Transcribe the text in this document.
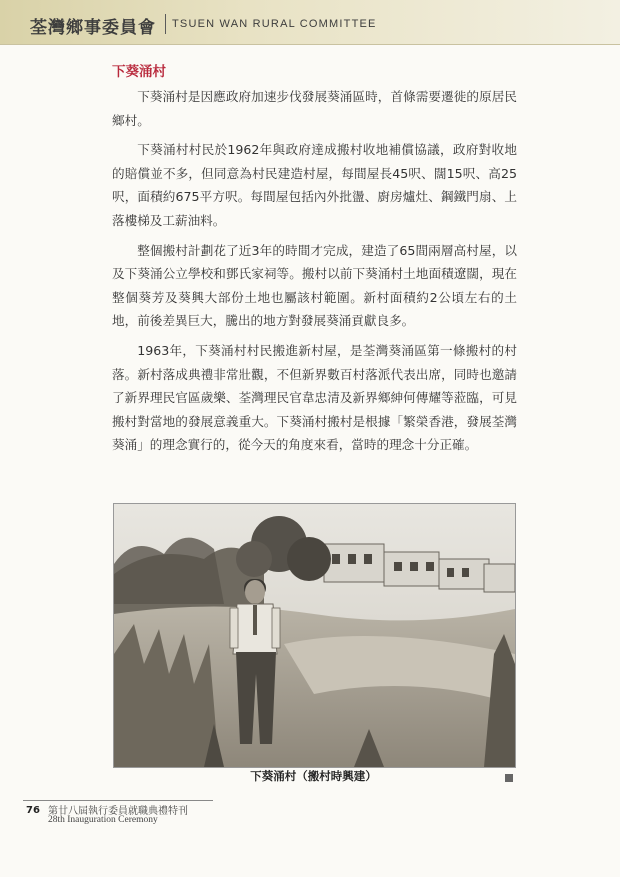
荃灣鄉事委員會 TSUEN WAN RURAL COMMITTEE
下葵涌村

下葵涌村是因應政府加速步伐發展葵涌區時，首條需要遷徙的原居民鄉村。

下葵涌村村民於1962年與政府達成搬村收地補償協議，政府對收地的賠償並不多，但同意為村民建造村屋，每間屋長45呎、闊15呎、高25呎，面積約675平方呎。每間屋包括內外批盪、廚房爐灶、鋼鐵門扇、上落樓梯及工薪油料。

整個搬村計劃花了近3年的時間才完成，建造了65間兩層高村屋，以及下葵涌公立學校和鄧氏家祠等。搬村以前下葵涌村土地面積遼闊，現在整個葵芳及葵興大部份土地也屬該村範圍。新村面積約2公頃左右的土地，前後差異巨大，騰出的地方對發展葵涌貢獻良多。

1963年，下葵涌村村民搬進新村屋，是荃灣葵涌區第一條搬村的村落。新村落成典禮非常壯觀，不但新界數百村落派代表出席，同時也邀請了新界理民官區歲樂、荃灣理民官韋忠清及新界鄉紳何傳耀等蒞臨，可見搬村對當地的發展意義重大。下葵涌村搬村是根據「繁榮香港，發展荃灣葵涌」的理念實行的，從今天的角度來看，當時的理念十分正確。

下葵涌村（搬村時興建）
76 第廿八屆執行委員就職典禮特刊
28th Inauguration Ceremony
